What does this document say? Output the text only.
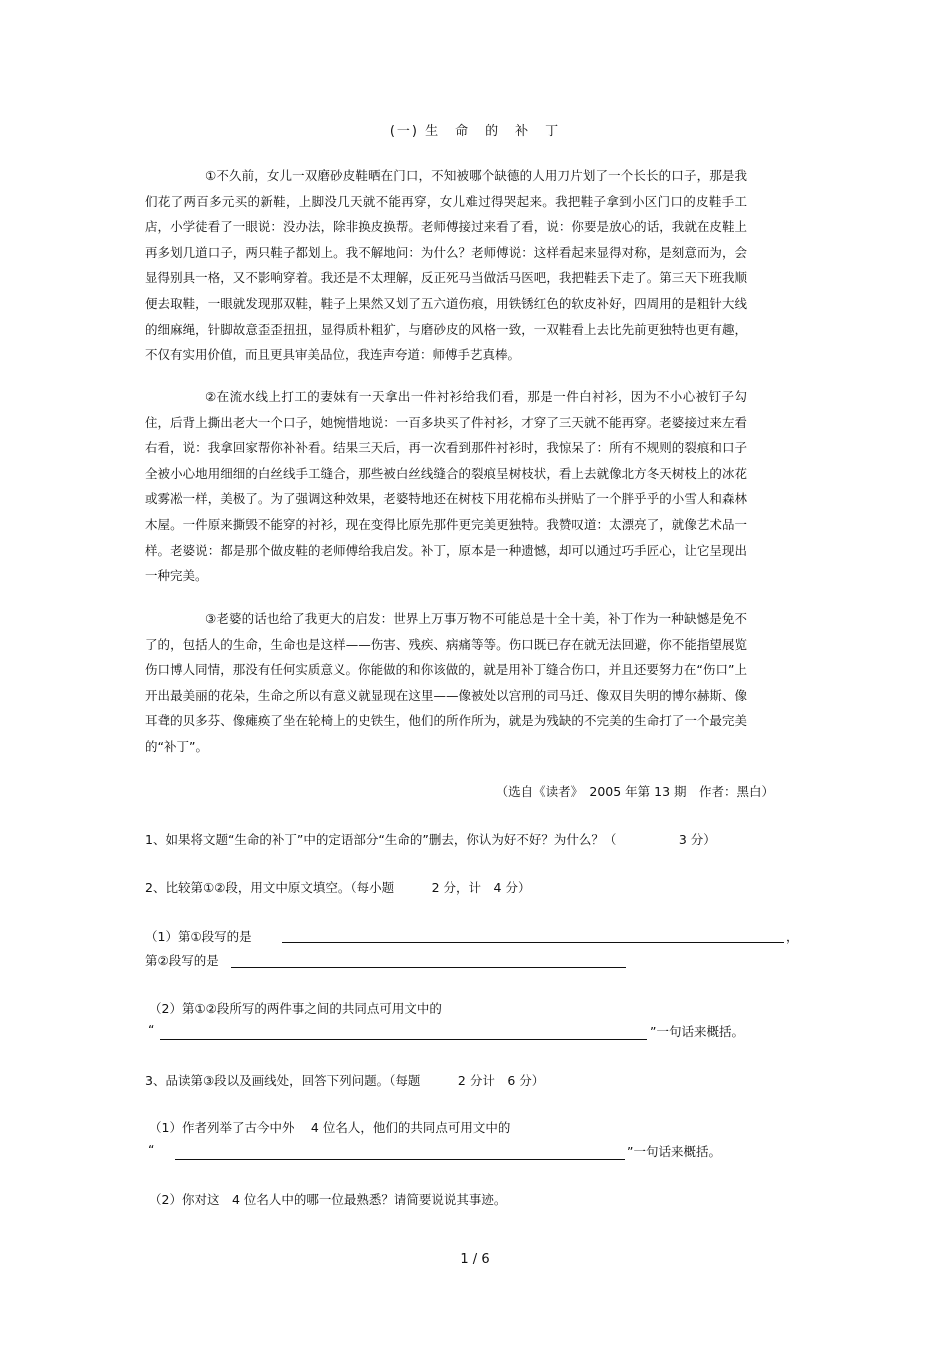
(一) 生　命　的　补　丁

①不久前，女儿一双磨砂皮鞋晒在门口，不知被哪个缺德的人用刀片划了一个长长的口子，那是我们花了两百多元买的新鞋，上脚没几天就不能再穿，女儿难过得哭起来。我把鞋子拿到小区门口的皮鞋手工店，小学徒看了一眼说：没办法，除非换皮换帮。老师傅接过来看了看，说：你要是放心的话，我就在皮鞋上再多划几道口子，两只鞋子都划上。我不解地问：为什么？老师傅说：这样看起来显得对称，是刻意而为，会显得别具一格，又不影响穿着。我还是不太理解，反正死马当做活马医吧，我把鞋丢下走了。第三天下班我顺便去取鞋，一眼就发现那双鞋，鞋子上果然又划了五六道伤痕，用铁锈红色的软皮补好，四周用的是粗针大线的细麻绳，针脚故意歪歪扭扭，显得质朴粗犷，与磨砂皮的风格一致，一双鞋看上去比先前更独特也更有趣，不仅有实用价值，而且更具审美品位，我连声夸道：师傅手艺真棒。

②在流水线上打工的妻妹有一天拿出一件衬衫给我们看，那是一件白衬衫，因为不小心被钉子勾住，后背上撕出老大一个口子，她惋惜地说：一百多块买了件衬衫，才穿了三天就不能再穿。老婆接过来左看右看，说：我拿回家帮你补补看。结果三天后，再一次看到那件衬衫时，我惊呆了：所有不规则的裂痕和口子全被小心地用细细的白丝线手工缝合，那些被白丝线缝合的裂痕呈树枝状，看上去就像北方冬天树枝上的冰花或雾凇一样，美极了。为了强调这种效果，老婆特地还在树枝下用花棉布头拼贴了一个胖乎乎的小雪人和森林木屋。一件原来撕毁不能穿的衬衫，现在变得比原先那件更完美更独特。我赞叹道：太漂亮了，就像艺术品一样。老婆说：都是那个做皮鞋的老师傅给我启发。补丁，原本是一种遗憾，却可以通过巧手匠心，让它呈现出一种完美。

③老婆的话也给了我更大的启发：世界上万事万物不可能总是十全十美，补丁作为一种缺憾是免不了的，包括人的生命，生命也是这样——伤害、残疾、病痛等等。伤口既已存在就无法回避，你不能指望展览伤口博人同情，那没有任何实质意义。你能做的和你该做的，就是用补丁缝合伤口，并且还要努力在“伤口”上开出最美丽的花朵，生命之所以有意义就显现在这里——像被处以宫刑的司马迁、像双目失明的博尔赫斯、像耳聋的贝多芬、像瘫痪了坐在轮椅上的史铁生，他们的所作所为，就是为残缺的不完美的生命打了一个最完美的“补丁”。

（选自《读者》　2005 年第 13 期　作者：黑白）
1、如果将文题“生命的补丁”中的定语部分“生命的”删去，你认为好不好？为什么？（　　　　　3 分）
2、比较第①②段，用文中原文填空。（每小题　　　2 分，计　4 分）
（1）第①段写的是	，
第②段写的是
（2）第①②段所写的两件事之间的共同点可用文中的
“	”一句话来概括。
3、品读第③段以及画线处，回答下列问题。（每题　　　2 分计　6 分）
（1）作者列举了古今中外　 4 位名人，他们的共同点可用文中的
“	”一句话来概括。
（2）你对这　4 位名人中的哪一位最熟悉？请简要说说其事迹。
1 / 6
